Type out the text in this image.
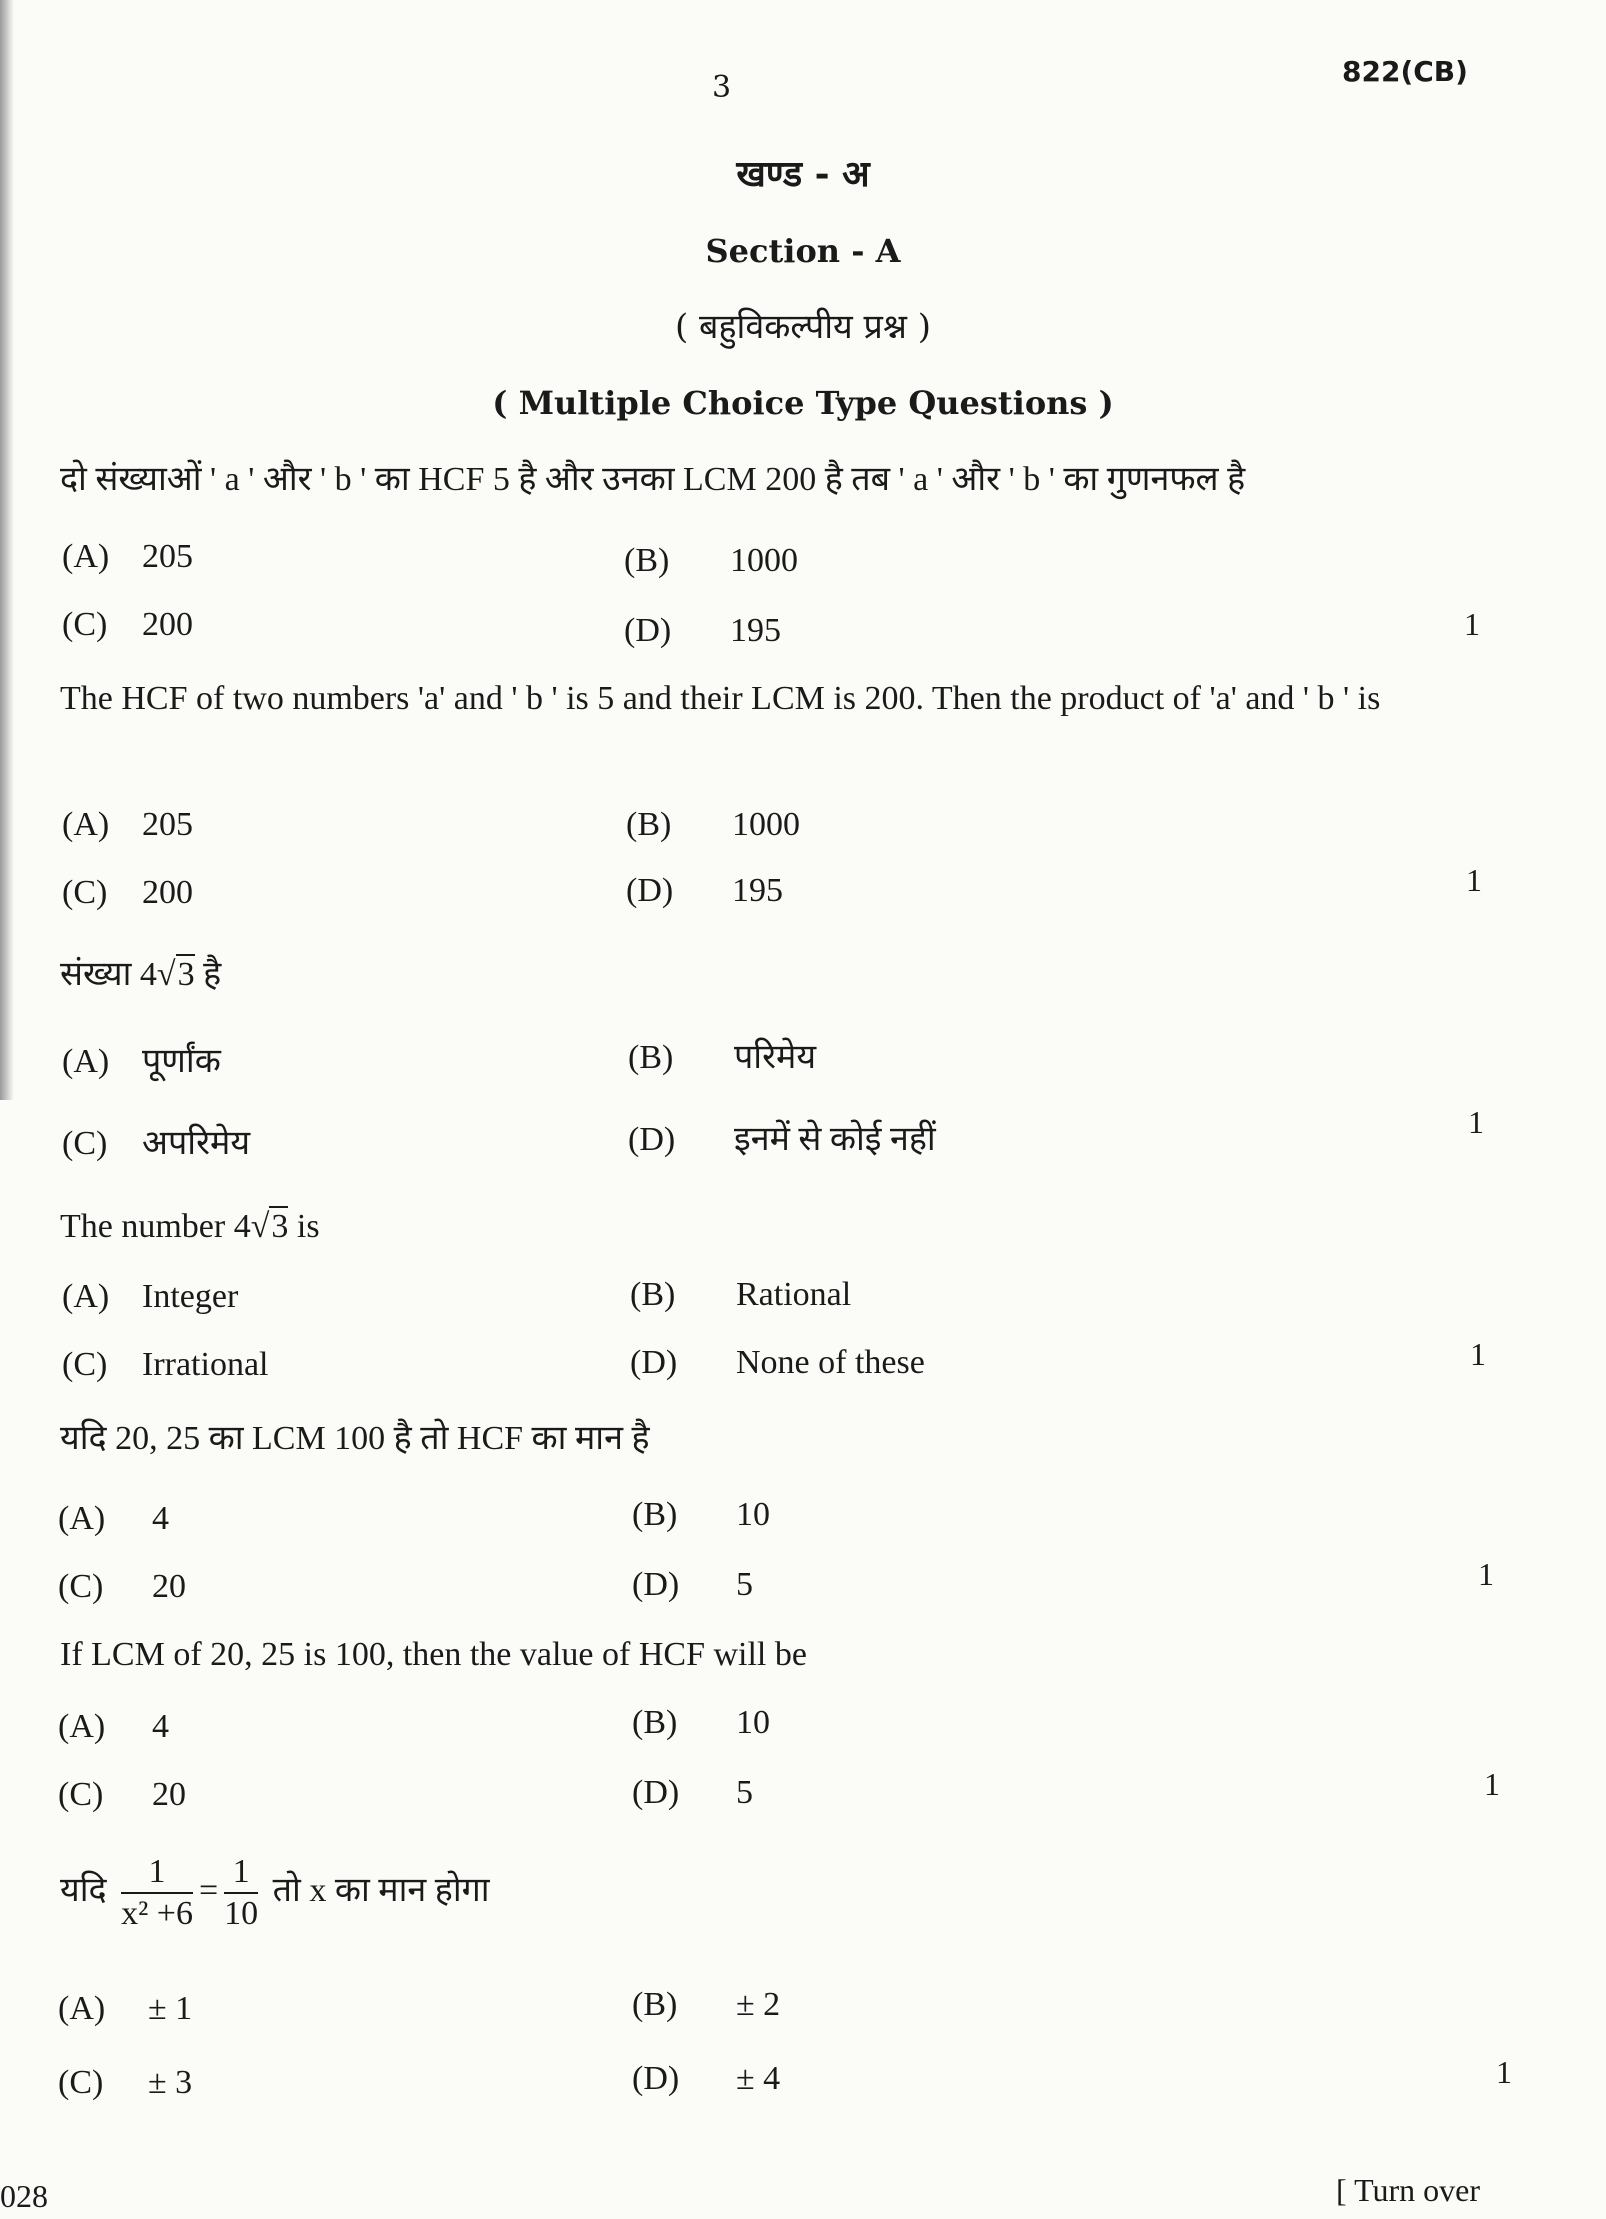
3	822(CB)
खण्ड - अ
Section - A
( बहुविकल्पीय प्रश्न )
( Multiple Choice Type Questions )
दो संख्याओं ' a ' और ' b ' का HCF 5 है और उनका LCM 200 है तब ' a ' और ' b ' का गुणनफल है
(A) 205	(B) 1000
(C) 200	(D) 195	1
The HCF of two numbers 'a' and ' b ' is 5 and their LCM is 200. Then the product of 'a' and ' b ' is
(A) 205	(B) 1000
(C) 200	(D) 195	1
संख्या 4√3 है
(A) पूर्णांक	(B) परिमेय
(C) अपरिमेय	(D) इनमें से कोई नहीं	1
The number 4√3 is
(A) Integer	(B) Rational
(C) Irrational	(D) None of these	1
यदि 20, 25 का LCM 100 है तो HCF का मान है
(A) 4	(B) 10
(C) 20	(D) 5	1
If LCM of 20, 25 is 100, then the value of HCF will be
(A) 4	(B) 10
(C) 20	(D) 5	1
यदि $\frac{1}{\text{x² +6}} = \frac{1}{10}$ तो x का मान होगा
(A) ± 1	(B) ± 2
(C) ± 3	(D) ± 4	1
028	[ Turn over
